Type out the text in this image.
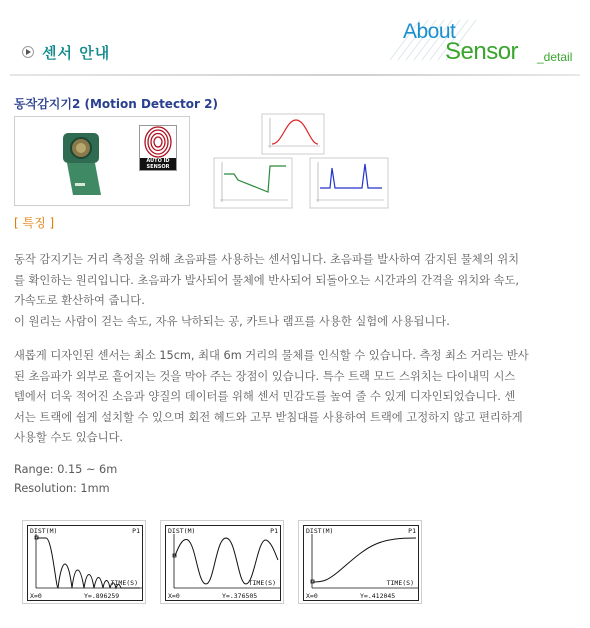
센서 안내
About
Sensor _detail
동작감지기2 (Motion Detector 2)
AUTO ID SENSOR
[ 특징 ]
동작 감지기는 거리 측정을 위해 초음파를 사용하는 센서입니다. 초음파를 발사하여 감지된 물체의 위치
를 확인하는 원리입니다. 초음파가 발사되어 물체에 반사되어 되돌아오는 시간과의 간격을 위치와 속도,
가속도로 환산하여 줍니다.
이 원리는 사람이 걷는 속도, 자유 낙하되는 공, 카트나 램프를 사용한 실험에 사용됩니다.
새롭게 디자인된 센서는 최소 15cm, 최대 6m 거리의 물체를 인식할 수 있습니다. 측정 최소 거리는 반사
된 초음파가 외부로 흩어지는 것을 막아 주는 장점이 있습니다. 특수 트랙 모드 스위치는 다이내믹 시스
템에서 더욱 적어진 소음과 양질의 데이터를 위해 센서 민감도를 높여 줄 수 있게 디자인되었습니다. 센
서는 트랙에 쉽게 설치할 수 있으며 회전 헤드와 고무 받침대를 사용하여 트랙에 고정하지 않고 편리하게
사용할 수도 있습니다.
Range: 0.15 ~ 6m
Resolution: 1mm
DIST(M)	P1
TIME(S)
X=0	Y=.896259
DIST(M)	P1
TIME(S)
X=0	Y=.376505
DIST(M)	P1
TIME(S)
X=0	Y=.412045
